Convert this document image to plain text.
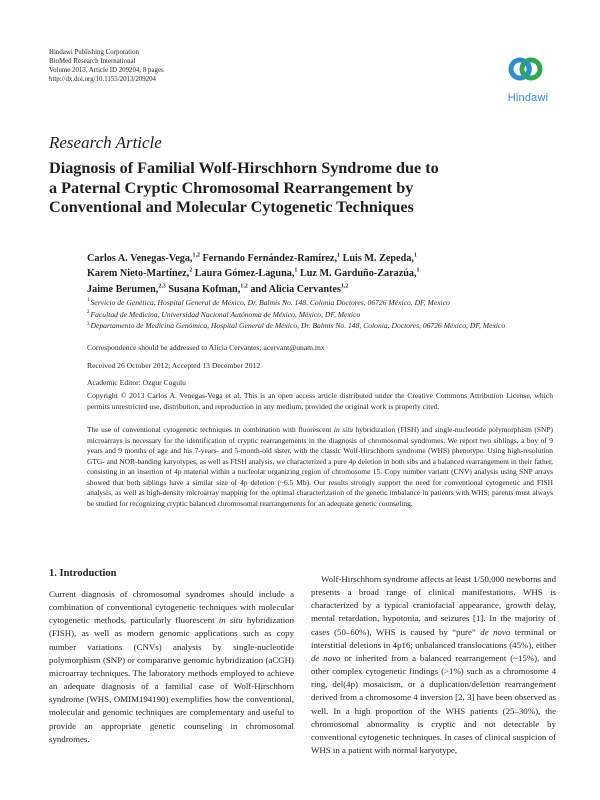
Hindawi Publishing Corporation
BioMed Research International
Volume 2013, Article ID 209204, 8 pages
http://dx.doi.org/10.1155/2013/209204
Hindawi
Research Article
Diagnosis of Familial Wolf-Hirschhorn Syndrome due to
a Paternal Cryptic Chromosomal Rearrangement by
Conventional and Molecular Cytogenetic Techniques
Carlos A. Venegas-Vega,$^{1,2}$ Fernando Fernández-Ramírez,$^1$ Luis M. Zepeda,$^1$
Karem Nieto-Martínez,$^2$ Laura Gómez-Laguna,$^1$ Luz M. Garduño-Zarazúa,$^1$
Jaime Berumen,$^{2,3}$ Susana Kofman,$^{1,2}$ and Alicia Cervantes$^{1,2}$
$^1$Servicio de Genética, Hospital General de México, Dr. Balmis No. 148, Colonia Doctores, 06726 México, DF, Mexico
$^2$Facultad de Medicina, Universidad Nacional Autónoma de México, México, DF, Mexico
$^3$Departamento de Medicina Genómica, Hospital General de México, Dr. Balmis No. 148, Colonia, Doctores, 06726 México, DF, Mexico
Correspondence should be addressed to Alicia Cervantes; acervant@unam.mx
Received 26 October 2012; Accepted 13 December 2012
Academic Editor: Ozgur Cogulu
Copyright © 2013 Carlos A. Venegas-Vega et al. This is an open access article distributed under the Creative Commons Attribution License, which permits unrestricted use, distribution, and reproduction in any medium, provided the original work is properly cited.
The use of conventional cytogenetic techniques in combination with fluorescent in situ hybridization (FISH) and single-nucleotide polymorphism (SNP) microarrays is necessary for the identification of cryptic rearrangements in the diagnosis of chromosomal syndromes. We report two siblings, a boy of 9 years and 9 months of age and his 7-years- and 5-month-old sister, with the classic Wolf-Hirschhorn syndrome (WHS) phenotype. Using high-resolution GTG- and NOR-banding karyotypes, as well as FISH analysis, we characterized a pure 4p deletion in both sibs and a balanced rearrangement in their father, consisting in an insertion of 4p material within a nucleolar organizing region of chromosome 15. Copy number variant (CNV) analysis using SNP arrays showed that both siblings have a similar size of 4p deletion (~6.5 Mb). Our results strongly support the need for conventional cytogenetic and FISH analysis, as well as high-density microarray mapping for the optimal characterization of the genetic imbalance in patients with WHS; parents must always be studied for recognizing cryptic balanced chromosomal rearrangements for an adequate genetic counseling.
1. Introduction

Current diagnosis of chromosomal syndromes should include a combination of conventional cytogenetic techniques with molecular cytogenetic methods, particularly fluorescent in situ hybridization (FISH), as well as modern genomic applications such as copy number variations (CNVs) analysis by single-nucleotide polymorphism (SNP) or comparative genomic hybridization (aCGH) microarray techniques. The laboratory methods employed to achieve an adequate diagnosis of a familial case of Wolf-Hirschhorn syndrome (WHS, OMIM194190) exemplifies how the conventional, molecular and genomic techniques are complementary and useful to provide an appropriate genetic counseling in chromosomal syndromes.

Wolf-Hirschhorn syndrome affects at least 1/50,000 newborns and presents a broad range of clinical manifestations. WHS is characterized by a typical craniofacial appearance, growth delay, mental retardation, hypotonia, and seizures [1]. In the majority of cases (50–60%), WHS is caused by “pure” de novo terminal or interstitial deletions in 4p16; unbalanced translocations (45%), either de novo or inherited from a balanced rearrangement (~15%), and other complex cytogenetic findings (>1%) such as a chromosome 4 ring, del(4p) mosaicism, or a duplication/deletion rearrangement derived from a chromosome 4 inversion [2, 3] have been observed as well. In a high proportion of the WHS patients (25–30%), the chromosomal abnormality is cryptic and not detectable by conventional cytogenetic techniques. In cases of clinical suspicion of WHS in a patient with normal karyotype,
